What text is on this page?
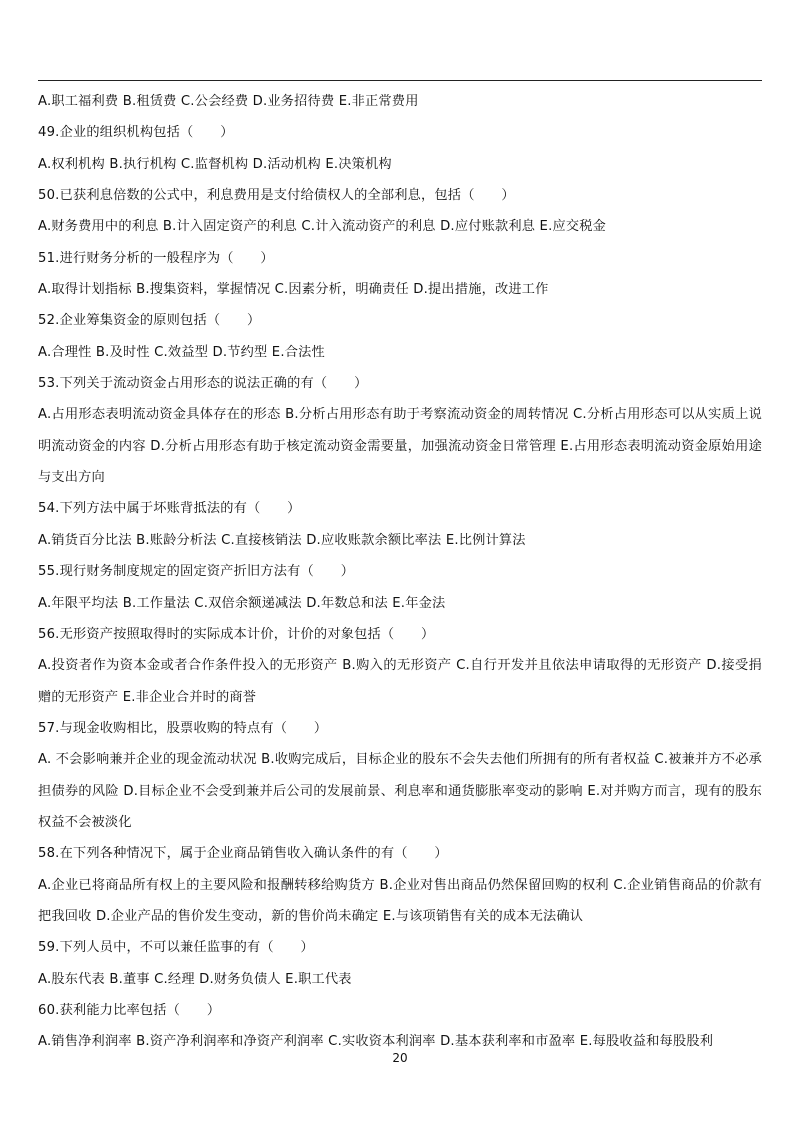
A.职工福利费 B.租赁费 C.公会经费 D.业务招待费 E.非正常费用
49.企业的组织机构包括（　　）
A.权利机构 B.执行机构 C.监督机构 D.活动机构 E.决策机构
50.已获利息倍数的公式中，利息费用是支付给债权人的全部利息，包括（　　）
A.财务费用中的利息 B.计入固定资产的利息 C.计入流动资产的利息 D.应付账款利息 E.应交税金
51.进行财务分析的一般程序为（　　）
A.取得计划指标 B.搜集资料，掌握情况 C.因素分析，明确责任 D.提出措施，改进工作
52.企业筹集资金的原则包括（　　）
A.合理性 B.及时性 C.效益型 D.节约型 E.合法性
53.下列关于流动资金占用形态的说法正确的有（　　）
A.占用形态表明流动资金具体存在的形态 B.分析占用形态有助于考察流动资金的周转情况 C.分析占用形态可以从实质上说明流动资金的内容 D.分析占用形态有助于核定流动资金需要量，加强流动资金日常管理 E.占用形态表明流动资金原始用途与支出方向
54.下列方法中属于坏账背抵法的有（　　）
A.销货百分比法 B.账龄分析法 C.直接核销法 D.应收账款余额比率法 E.比例计算法
55.现行财务制度规定的固定资产折旧方法有（　　）
A.年限平均法 B.工作量法 C.双倍余额递减法 D.年数总和法 E.年金法
56.无形资产按照取得时的实际成本计价，计价的对象包括（　　）
A.投资者作为资本金或者合作条件投入的无形资产 B.购入的无形资产 C.自行开发并且依法申请取得的无形资产 D.接受捐赠的无形资产 E.非企业合并时的商誉
57.与现金收购相比，股票收购的特点有（　　）
A. 不会影响兼并企业的现金流动状况 B.收购完成后，目标企业的股东不会失去他们所拥有的所有者权益 C.被兼并方不必承担债券的风险 D.目标企业不会受到兼并后公司的发展前景、利息率和通货膨胀率变动的影响 E.对并购方而言，现有的股东权益不会被淡化
58.在下列各种情况下，属于企业商品销售收入确认条件的有（　　）
A.企业已将商品所有权上的主要风险和报酬转移给购货方 B.企业对售出商品仍然保留回购的权利 C.企业销售商品的价款有把我回收 D.企业产品的售价发生变动，新的售价尚未确定 E.与该项销售有关的成本无法确认
59.下列人员中，不可以兼任监事的有（　　）
A.股东代表 B.董事 C.经理 D.财务负债人 E.职工代表
60.获利能力比率包括（　　）
A.销售净利润率 B.资产净利润率和净资产利润率 C.实收资本利润率 D.基本获利率和市盈率 E.每股收益和每股股利
20
